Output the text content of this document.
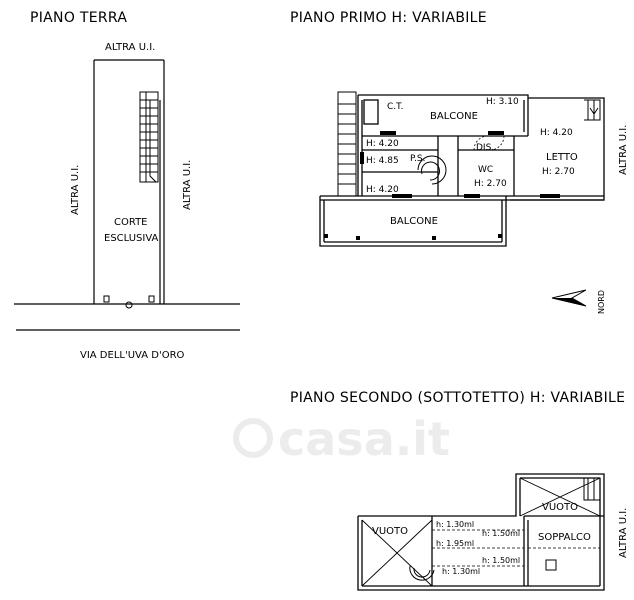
casa.it
PIANO TERRA
ALTRA U.I.
ALTRA U.I.	ALTRA U.I.
CORTE
ESCLUSIVA
VIA DELL'UVA D'ORO
PIANO PRIMO H: VARIABILE
C.T.
BALCONE
H: 3.10
H: 4.20
H: 4.85 P.S.
H: 4.20
DIS.
WC
H: 2.70
H: 4.20
LETTO
H: 2.70
BALCONE
ALTRA U.I.
NORD
PIANO SECONDO (SOTTOTETTO) H: VARIABILE
VUOTO
VUOTO
SOPPALCO
h: 1.30ml
h: 1.50ml
h: 1.95ml
h: 1.50ml
h: 1.30ml
ALTRA U.I.
